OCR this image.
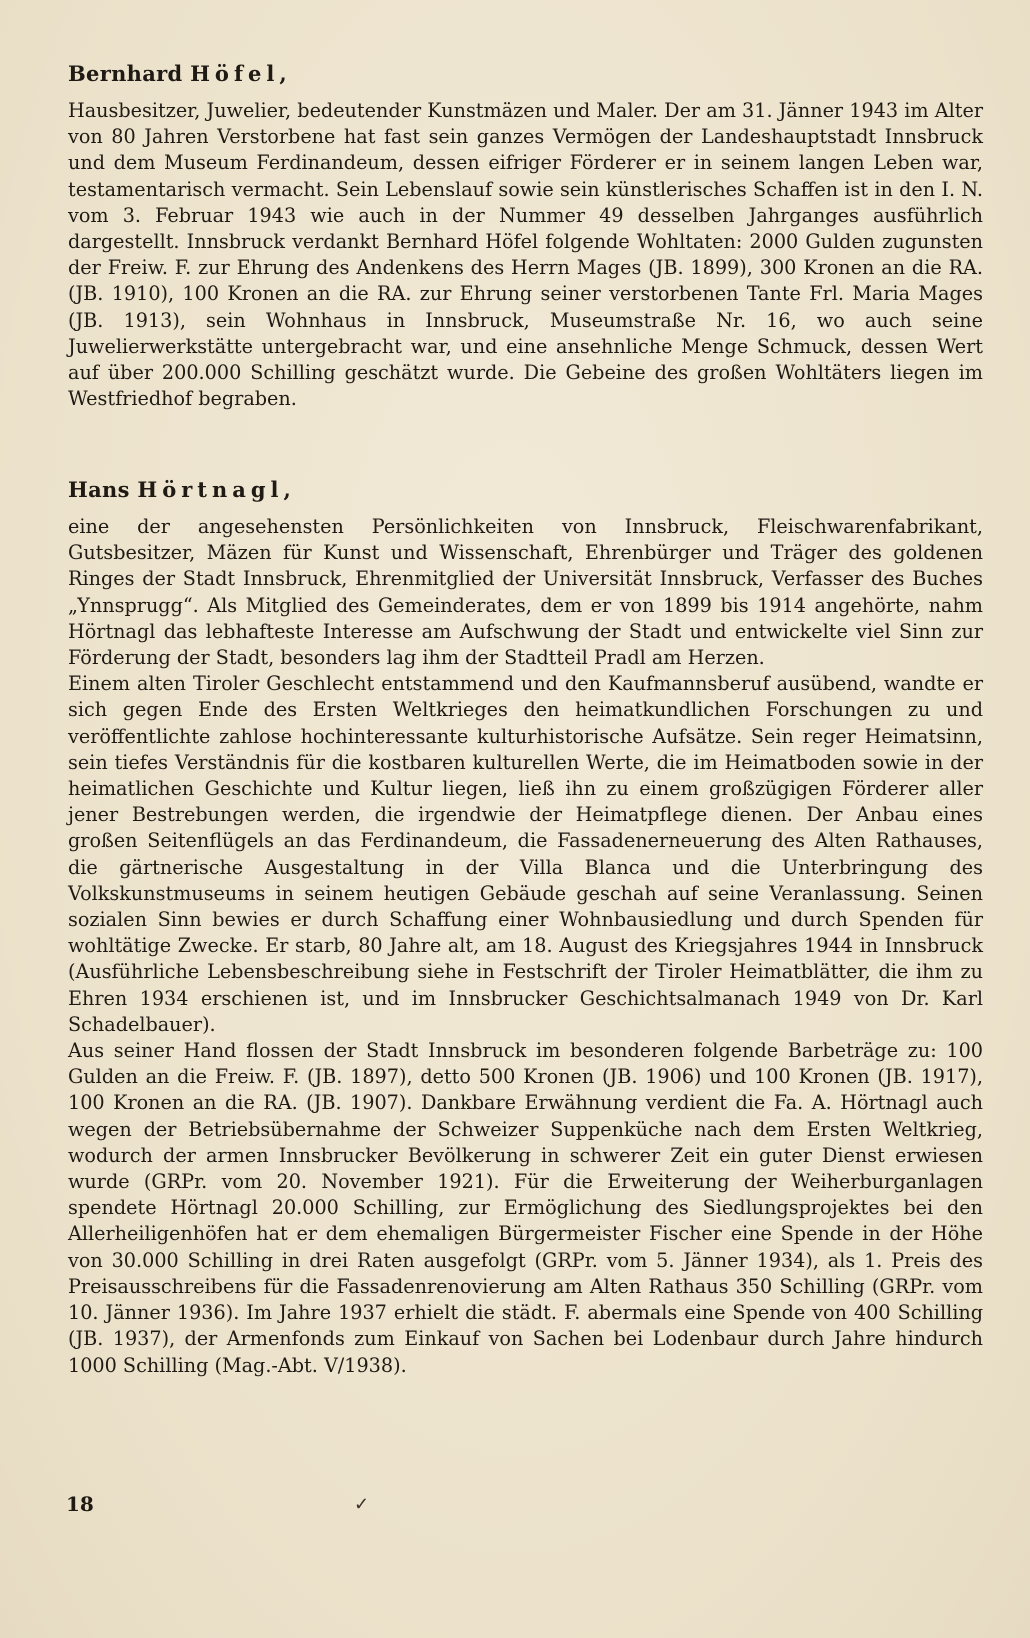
Bernhard Höfel,

Hausbesitzer, Juwelier, bedeutender Kunstmäzen und Maler. Der am 31. Jänner 1943 im Alter von 80 Jahren Verstorbene hat fast sein ganzes Vermögen der Landeshauptstadt Innsbruck und dem Museum Ferdinandeum, dessen eifriger Förderer er in seinem langen Leben war, testamentarisch vermacht. Sein Lebenslauf sowie sein künstlerisches Schaffen ist in den I. N. vom 3. Februar 1943 wie auch in der Nummer 49 desselben Jahrganges ausführlich dargestellt. Innsbruck verdankt Bernhard Höfel folgende Wohltaten: 2000 Gulden zugunsten der Freiw. F. zur Ehrung des Andenkens des Herrn Mages (JB. 1899), 300 Kronen an die RA. (JB. 1910), 100 Kronen an die RA. zur Ehrung seiner verstorbenen Tante Frl. Maria Mages (JB. 1913), sein Wohnhaus in Innsbruck, Museumstraße Nr. 16, wo auch seine Juwelierwerkstätte untergebracht war, und eine ansehnliche Menge Schmuck, dessen Wert auf über 200.000 Schilling geschätzt wurde. Die Gebeine des großen Wohltäters liegen im Westfriedhof begraben.

Hans Hörtnagl,

eine der angesehensten Persönlichkeiten von Innsbruck, Fleischwarenfabrikant, Gutsbesitzer, Mäzen für Kunst und Wissenschaft, Ehrenbürger und Träger des goldenen Ringes der Stadt Innsbruck, Ehrenmitglied der Universität Innsbruck, Verfasser des Buches „Ynnsprugg“. Als Mitglied des Gemeinderates, dem er von 1899 bis 1914 angehörte, nahm Hörtnagl das lebhafteste Interesse am Aufschwung der Stadt und entwickelte viel Sinn zur Förderung der Stadt, besonders lag ihm der Stadtteil Pradl am Herzen.

Einem alten Tiroler Geschlecht entstammend und den Kaufmannsberuf ausübend, wandte er sich gegen Ende des Ersten Weltkrieges den heimatkundlichen Forschungen zu und veröffentlichte zahlose hochinteressante kulturhistorische Aufsätze. Sein reger Heimatsinn, sein tiefes Verständnis für die kostbaren kulturellen Werte, die im Heimatboden sowie in der heimatlichen Geschichte und Kultur liegen, ließ ihn zu einem großzügigen Förderer aller jener Bestrebungen werden, die irgendwie der Heimatpflege dienen. Der Anbau eines großen Seitenflügels an das Ferdinandeum, die Fassadenerneuerung des Alten Rathauses, die gärtnerische Ausgestaltung in der Villa Blanca und die Unterbringung des Volkskunstmuseums in seinem heutigen Gebäude geschah auf seine Veranlassung. Seinen sozialen Sinn bewies er durch Schaffung einer Wohnbausiedlung und durch Spenden für wohltätige Zwecke. Er starb, 80 Jahre alt, am 18. August des Kriegsjahres 1944 in Innsbruck (Ausführliche Lebensbeschreibung siehe in Festschrift der Tiroler Heimatblätter, die ihm zu Ehren 1934 erschienen ist, und im Innsbrucker Geschichtsalmanach 1949 von Dr. Karl Schadelbauer).

Aus seiner Hand flossen der Stadt Innsbruck im besonderen folgende Barbeträge zu: 100 Gulden an die Freiw. F. (JB. 1897), detto 500 Kronen (JB. 1906) und 100 Kronen (JB. 1917), 100 Kronen an die RA. (JB. 1907). Dankbare Erwähnung verdient die Fa. A. Hörtnagl auch wegen der Betriebsübernahme der Schweizer Suppenküche nach dem Ersten Weltkrieg, wodurch der armen Innsbrucker Bevölkerung in schwerer Zeit ein guter Dienst erwiesen wurde (GRPr. vom 20. November 1921). Für die Erweiterung der Weiherburganlagen spendete Hörtnagl 20.000 Schilling, zur Ermöglichung des Siedlungsprojektes bei den Allerheiligenhöfen hat er dem ehemaligen Bürgermeister Fischer eine Spende in der Höhe von 30.000 Schilling in drei Raten ausgefolgt (GRPr. vom 5. Jänner 1934), als 1. Preis des Preisausschreibens für die Fassadenrenovierung am Alten Rathaus 350 Schilling (GRPr. vom 10. Jänner 1936). Im Jahre 1937 erhielt die städt. F. abermals eine Spende von 400 Schilling (JB. 1937), der Armenfonds zum Einkauf von Sachen bei Lodenbaur durch Jahre hindurch 1000 Schilling (Mag.-Abt. V/1938).

18	✓
